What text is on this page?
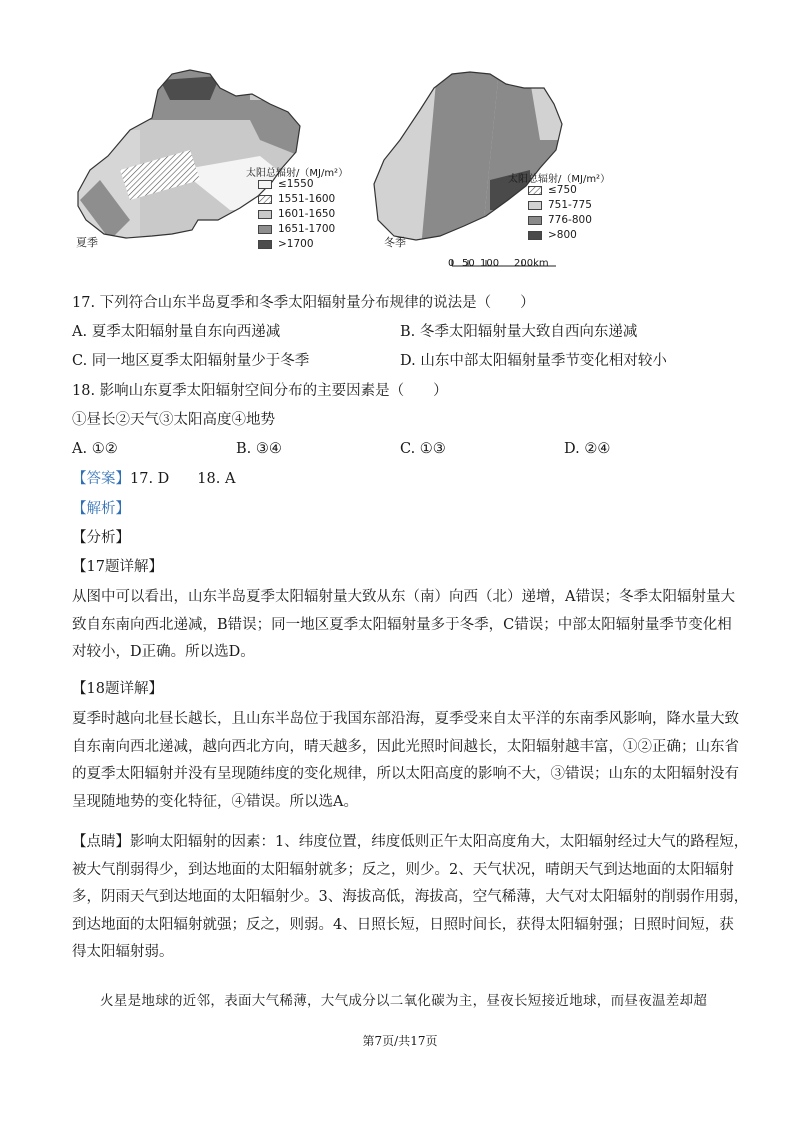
夏季
太阳总辐射/（MJ/m²）
≤1550
1551-1600
1601-1650
1651-1700
>1700	冬季
太阳总辐射/（MJ/m²）
≤750
751-775
776-800
>800
0 50 100 200km
17. 下列符合山东半岛夏季和冬季太阳辐射量分布规律的说法是（　　）
A. 夏季太阳辐射量自东向西递减	B. 冬季太阳辐射量大致自西向东递减
C. 同一地区夏季太阳辐射量少于冬季	D. 山东中部太阳辐射量季节变化相对较小
18. 影响山东夏季太阳辐射空间分布的主要因素是（　　）
①昼长②天气③太阳高度④地势
A. ①②	B. ③④	C. ①③	D. ②④
【答案】17. D 18. A
【解析】
【分析】
【17题详解】
从图中可以看出，山东半岛夏季太阳辐射量大致从东（南）向西（北）递增，A错误；冬季太阳辐射量大
致自东南向西北递减，B错误；同一地区夏季太阳辐射量多于冬季，C错误；中部太阳辐射量季节变化相
对较小，D正确。所以选D。
【18题详解】
夏季时越向北昼长越长，且山东半岛位于我国东部沿海，夏季受来自太平洋的东南季风影响，降水量大致
自东南向西北递减，越向西北方向，晴天越多，因此光照时间越长，太阳辐射越丰富，①②正确；山东省
的夏季太阳辐射并没有呈现随纬度的变化规律，所以太阳高度的影响不大，③错误；山东的太阳辐射没有
呈现随地势的变化特征，④错误。所以选A。
【点睛】影响太阳辐射的因素：1、纬度位置，纬度低则正午太阳高度角大，太阳辐射经过大气的路程短，
被大气削弱得少，到达地面的太阳辐射就多；反之，则少。2、天气状况，晴朗天气到达地面的太阳辐射
多，阴雨天气到达地面的太阳辐射少。3、海拔高低，海拔高，空气稀薄，大气对太阳辐射的削弱作用弱，
到达地面的太阳辐射就强；反之，则弱。4、日照长短，日照时间长，获得太阳辐射强；日照时间短，获
得太阳辐射弱。
火星是地球的近邻，表面大气稀薄，大气成分以二氧化碳为主，昼夜长短接近地球，而昼夜温差却超
第7页/共17页
